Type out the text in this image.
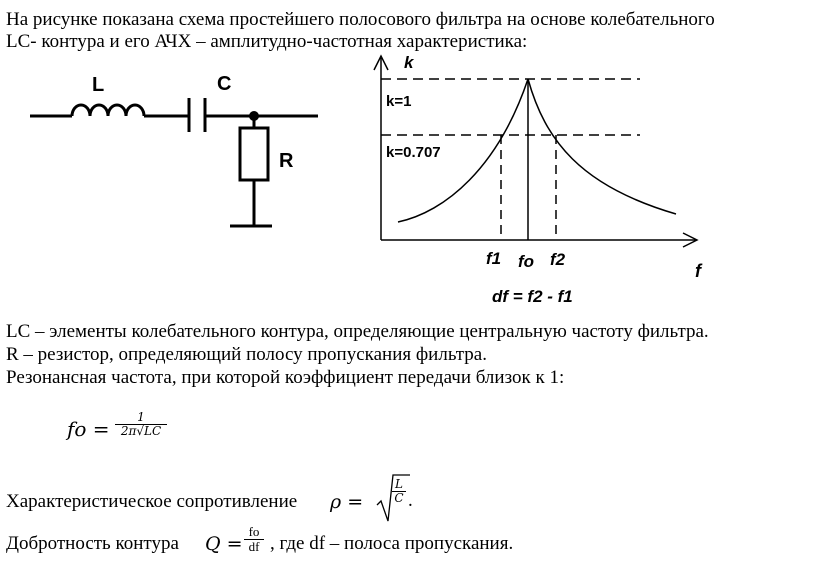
На рисунке показана схема простейшего полосового фильтра на основе колебательного

LC- контура и его АЧХ – амплитудно-частотная характеристика:

L	C
R
k
k=1
k=0.707
f1 fo f2
f
df = f2 - f1

LC – элементы колебательного контура, определяющие центральную частоту фильтра.

R – резистор, определяющий полосу пропускания фильтра.

Резонансная частота, при которой коэффициент передачи близок к 1:

fo =	1
2π√LC

Характеристическое сопротивление ρ =
L
C .

Добротность контура Q =
fo
df , где df – полоса пропускания.
